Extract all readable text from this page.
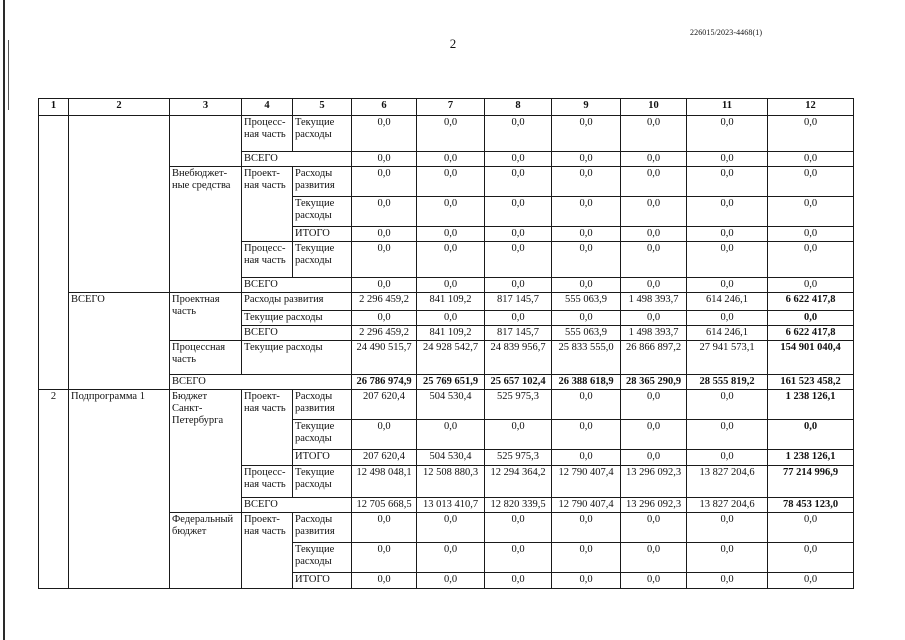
226015/2023-4468(1)
2
1	2	3	4	5	6	7	8	9	10	11	12
			Процесс-ная часть	Текущие расходы	0,0	0,0	0,0	0,0	0,0	0,0	0,0
			ВСЕГО		0,0	0,0	0,0	0,0	0,0	0,0	0,0
		Внебюджет-ные средства	Проект-ная часть	Расходы развития	0,0	0,0	0,0	0,0	0,0	0,0	0,0
				Текущие расходы	0,0	0,0	0,0	0,0	0,0	0,0	0,0
				ИТОГО	0,0	0,0	0,0	0,0	0,0	0,0	0,0
			Процесс-ная часть	Текущие расходы	0,0	0,0	0,0	0,0	0,0	0,0	0,0
			ВСЕГО		0,0	0,0	0,0	0,0	0,0	0,0	0,0
	ВСЕГО	Проектная часть	Расходы развития		2 296 459,2	841 109,2	817 145,7	555 063,9	1 498 393,7	614 246,1	6 622 417,8
			Текущие расходы		0,0	0,0	0,0	0,0	0,0	0,0	0,0
			ВСЕГО		2 296 459,2	841 109,2	817 145,7	555 063,9	1 498 393,7	614 246,1	6 622 417,8
		Процессная часть	Текущие расходы		24 490 515,7	24 928 542,7	24 839 956,7	25 833 555,0	26 866 897,2	27 941 573,1	154 901 040,4
		ВСЕГО			26 786 974,9	25 769 651,9	25 657 102,4	26 388 618,9	28 365 290,9	28 555 819,2	161 523 458,2
2	Подпрограмма 1	Бюджет Санкт-Петербурга	Проект-ная часть	Расходы развития	207 620,4	504 530,4	525 975,3	0,0	0,0	0,0	1 238 126,1
				Текущие расходы	0,0	0,0	0,0	0,0	0,0	0,0	0,0
				ИТОГО	207 620,4	504 530,4	525 975,3	0,0	0,0	0,0	1 238 126,1
			Процесс-ная часть	Текущие расходы	12 498 048,1	12 508 880,3	12 294 364,2	12 790 407,4	13 296 092,3	13 827 204,6	77 214 996,9
			ВСЕГО		12 705 668,5	13 013 410,7	12 820 339,5	12 790 407,4	13 296 092,3	13 827 204,6	78 453 123,0
		Федеральный бюджет	Проект-ная часть	Расходы развития	0,0	0,0	0,0	0,0	0,0	0,0	0,0
				Текущие расходы	0,0	0,0	0,0	0,0	0,0	0,0	0,0
				ИТОГО	0,0	0,0	0,0	0,0	0,0	0,0	0,0
